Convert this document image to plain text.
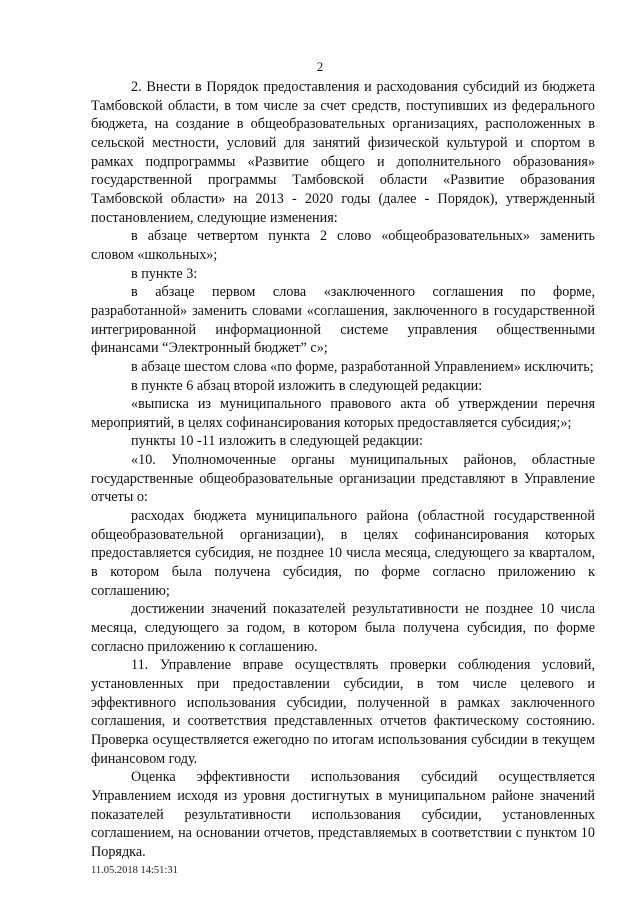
2

2. Внести в Порядок предоставления и расходования субсидий из бюджета Тамбовской области, в том числе за счет средств, поступивших из федерального бюджета, на создание в общеобразовательных организациях, расположенных в сельской местности, условий для занятий физической культурой и спортом в рамках подпрограммы «Развитие общего и дополнительного образования» государственной программы Тамбовской области «Развитие образования Тамбовской области» на 2013 - 2020 годы (далее - Порядок), утвержденный постановлением, следующие изменения:

в абзаце четвертом пункта 2 слово «общеобразовательных» заменить словом «школьных»;

в пункте 3:

в абзаце первом слова «заключенного соглашения по форме, разработанной» заменить словами «соглашения, заключенного в государственной интегрированной информационной системе управления общественными финансами “Электронный бюджет” с»;

в абзаце шестом слова «по форме, разработанной Управлением» исключить;

в пункте 6 абзац второй изложить в следующей редакции:

«выписка из муниципального правового акта об утверждении перечня мероприятий, в целях софинансирования которых предоставляется субсидия;»;

пункты 10 -11 изложить в следующей редакции:

«10. Уполномоченные органы муниципальных районов, областные государственные общеобразовательные организации представляют в Управление отчеты о:

расходах бюджета муниципального района (областной государственной общеобразовательной организации), в целях софинансирования которых предоставляется субсидия, не позднее 10 числа месяца, следующего за кварталом, в котором была получена субсидия, по форме согласно приложению к соглашению;

достижении значений показателей результативности не позднее 10 числа месяца, следующего за годом, в котором была получена субсидия, по форме согласно приложению к соглашению.

11. Управление вправе осуществлять проверки соблюдения условий, установленных при предоставлении субсидии, в том числе целевого и эффективного использования субсидии, полученной в рамках заключенного соглашения, и соответствия представленных отчетов фактическому состоянию. Проверка осуществляется ежегодно по итогам использования субсидии в текущем финансовом году.

Оценка эффективности использования субсидий осуществляется Управлением исходя из уровня достигнутых в муниципальном районе значений показателей результативности использования субсидии, установленных соглашением, на основании отчетов, представляемых в соответствии с пунктом 10 Порядка.

11.05.2018 14:51:31
